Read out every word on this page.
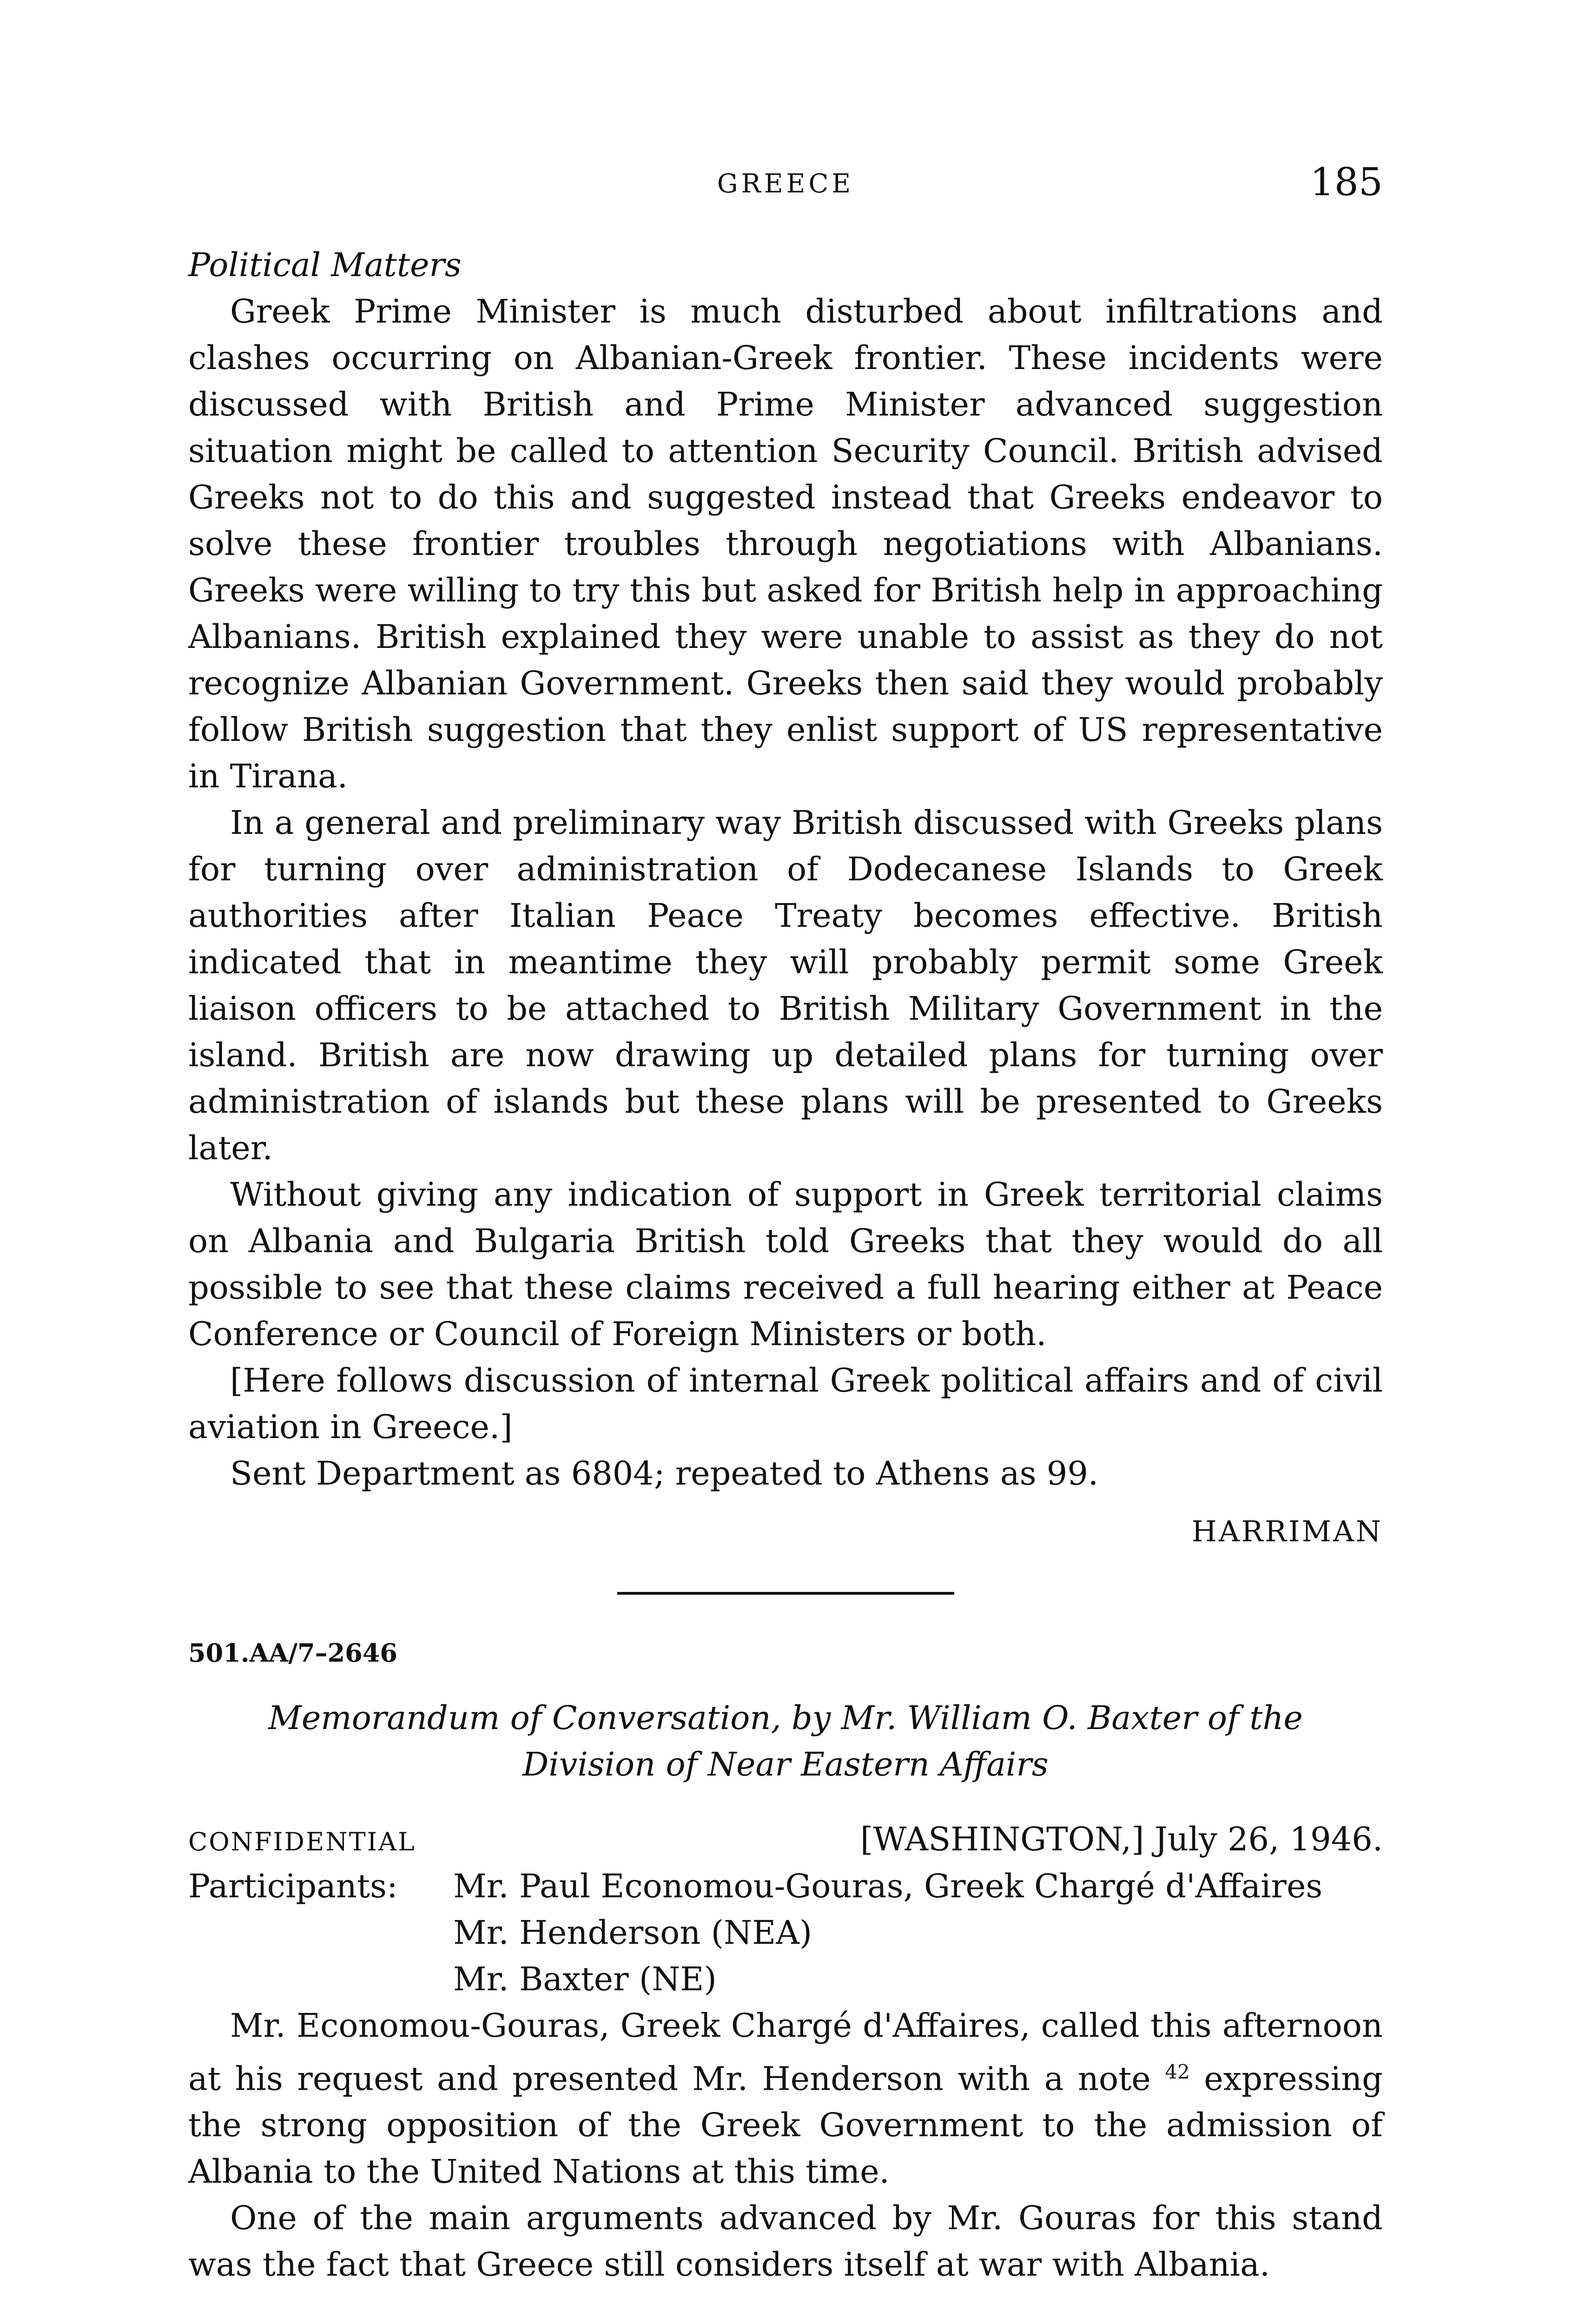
GREECE	185
Political Matters

Greek Prime Minister is much disturbed about infiltrations and clashes occurring on Albanian-Greek frontier. These incidents were discussed with British and Prime Minister advanced suggestion situation might be called to attention Security Council. British advised Greeks not to do this and suggested instead that Greeks endeavor to solve these frontier troubles through negotiations with Albanians. Greeks were willing to try this but asked for British help in approaching Albanians. British explained they were unable to assist as they do not recognize Albanian Government. Greeks then said they would probably follow British suggestion that they enlist support of US representative in Tirana.

In a general and preliminary way British discussed with Greeks plans for turning over administration of Dodecanese Islands to Greek authorities after Italian Peace Treaty becomes effective. British indicated that in meantime they will probably permit some Greek liaison officers to be attached to British Military Government in the island. British are now drawing up detailed plans for turning over administration of islands but these plans will be presented to Greeks later.

Without giving any indication of support in Greek territorial claims on Albania and Bulgaria British told Greeks that they would do all possible to see that these claims received a full hearing either at Peace Conference or Council of Foreign Ministers or both.

[Here follows discussion of internal Greek political affairs and of civil aviation in Greece.]

Sent Department as 6804; repeated to Athens as 99.

HARRIMAN
501.AA/7–2646
Memorandum of Conversation, by Mr. William O. Baxter of the Division of Near Eastern Affairs
CONFIDENTIAL	[WASHINGTON,] July 26, 1946.
Participants:	Mr. Paul Economou-Gouras, Greek Chargé d'Affaires
Mr. Henderson (NEA)
Mr. Baxter (NE)

Mr. Economou-Gouras, Greek Chargé d'Affaires, called this afternoon at his request and presented Mr. Henderson with a note $^{42}$ expressing the strong opposition of the Greek Government to the admission of Albania to the United Nations at this time.

One of the main arguments advanced by Mr. Gouras for this stand was the fact that Greece still considers itself at war with Albania.
